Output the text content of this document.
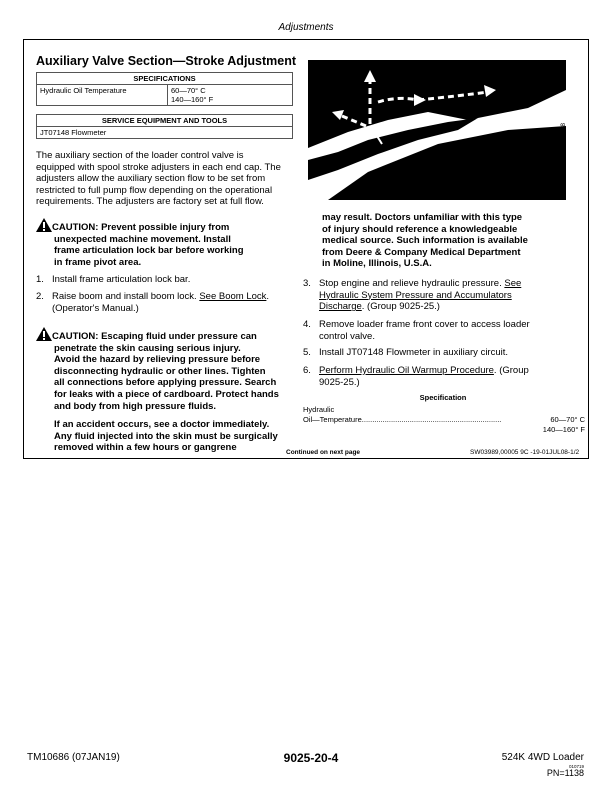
Adjustments
Auxiliary Valve Section—Stroke Adjustment
SPECIFICATIONS
Hydraulic Oil Temperature	60—70° C
140—160° F
SERVICE EQUIPMENT AND TOOLS
JT07148 Flowmeter
The auxiliary section of the loader control valve is
equipped with spool stroke adjusters in each end cap. The
adjusters allow the auxiliary section flow to be set from
restricted to full pump flow depending on the operational
requirements. The adjusters are factory set at full flow.
CAUTION: Prevent possible injury from
unexpected machine movement. Install
frame articulation lock bar before working
in frame pivot area.
1. Install frame articulation lock bar.
2. Raise boom and install boom lock. See Boom Lock.
(Operator's Manual.)
CAUTION: Escaping fluid under pressure can
penetrate the skin causing serious injury.
Avoid the hazard by relieving pressure before
disconnecting hydraulic or other lines. Tighten
all connections before applying pressure. Search
for leaks with a piece of cardboard. Protect hands
and body from high pressure fluids.
If an accident occurs, see a doctor immediately.
Any fluid injected into the skin must be surgically
removed within a few hours or gangrene
X9811 —UN—23AUG88
may result. Doctors unfamiliar with this type
of injury should reference a knowledgeable
medical source. Such information is available
from Deere & Company Medical Department
in Moline, Illinois, U.S.A.
3. Stop engine and relieve hydraulic pressure. See
Hydraulic System Pressure and Accumulators
Discharge. (Group 9025-25.)
4. Remove loader frame front cover to access loader
control valve.
5. Install JT07148 Flowmeter in auxiliary circuit.
6. Perform Hydraulic Oil Warmup Procedure. (Group
9025-25.)
Specification
Hydraulic
Oil—Temperature ...................................................................	60—70° C
140—160° F
Continued on next page	SW03989,00005 9C -19-01JUL08-1/2
TM10686 (07JAN19)	9025-20-4	524K 4WD Loader
010719
PN=1138
